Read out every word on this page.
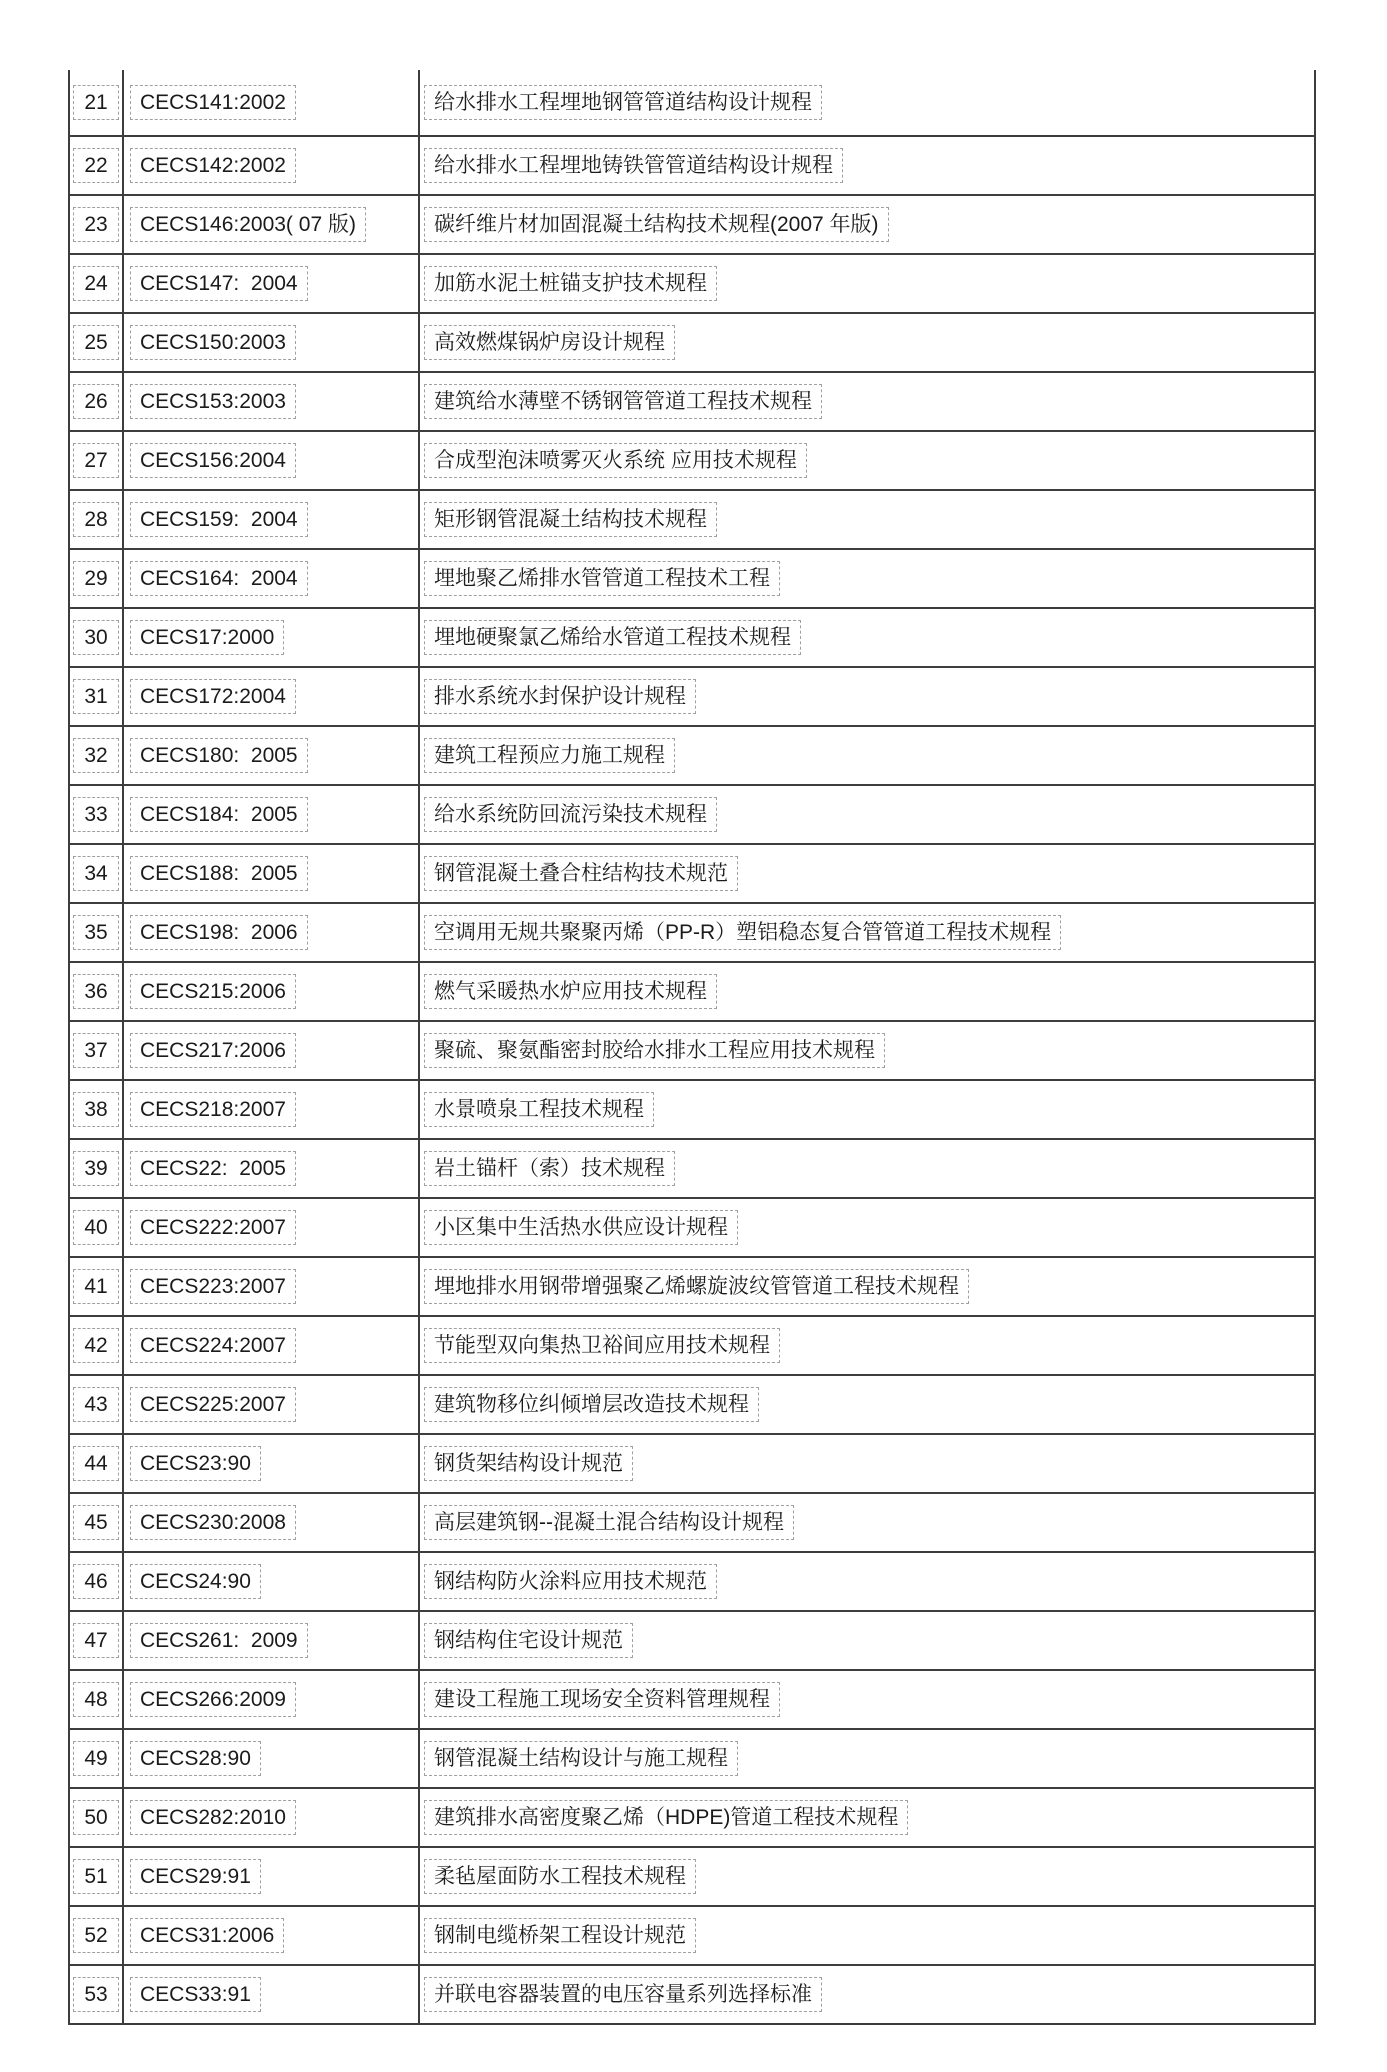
21	CECS141:2002	给水排水工程埋地钢管管道结构设计规程
22	CECS142:2002	给水排水工程埋地铸铁管管道结构设计规程
23	CECS146:2003( 07 版)	碳纤维片材加固混凝土结构技术规程(2007 年版)
24	CECS147:  2004	加筋水泥土桩锚支护技术规程
25	CECS150:2003	高效燃煤锅炉房设计规程
26	CECS153:2003	建筑给水薄壁不锈钢管管道工程技术规程
27	CECS156:2004	合成型泡沫喷雾灭火系统 应用技术规程
28	CECS159:  2004	矩形钢管混凝土结构技术规程
29	CECS164:  2004	埋地聚乙烯排水管管道工程技术工程
30	CECS17:2000	埋地硬聚氯乙烯给水管道工程技术规程
31	CECS172:2004	排水系统水封保护设计规程
32	CECS180:  2005	建筑工程预应力施工规程
33	CECS184:  2005	给水系统防回流污染技术规程
34	CECS188:  2005	钢管混凝土叠合柱结构技术规范
35	CECS198:  2006	空调用无规共聚聚丙烯（PP-R）塑铝稳态复合管管道工程技术规程
36	CECS215:2006	燃气采暖热水炉应用技术规程
37	CECS217:2006	聚硫、聚氨酯密封胶给水排水工程应用技术规程
38	CECS218:2007	水景喷泉工程技术规程
39	CECS22:  2005	岩土锚杆（索）技术规程
40	CECS222:2007	小区集中生活热水供应设计规程
41	CECS223:2007	埋地排水用钢带增强聚乙烯螺旋波纹管管道工程技术规程
42	CECS224:2007	节能型双向集热卫裕间应用技术规程
43	CECS225:2007	建筑物移位纠倾增层改造技术规程
44	CECS23:90	钢货架结构设计规范
45	CECS230:2008	高层建筑钢--混凝土混合结构设计规程
46	CECS24:90	钢结构防火涂料应用技术规范
47	CECS261:  2009	钢结构住宅设计规范
48	CECS266:2009	建设工程施工现场安全资料管理规程
49	CECS28:90	钢管混凝土结构设计与施工规程
50	CECS282:2010	建筑排水高密度聚乙烯（HDPE)管道工程技术规程
51	CECS29:91	柔毡屋面防水工程技术规程
52	CECS31:2006	钢制电缆桥架工程设计规范
53	CECS33:91	并联电容器装置的电压容量系列选择标准
